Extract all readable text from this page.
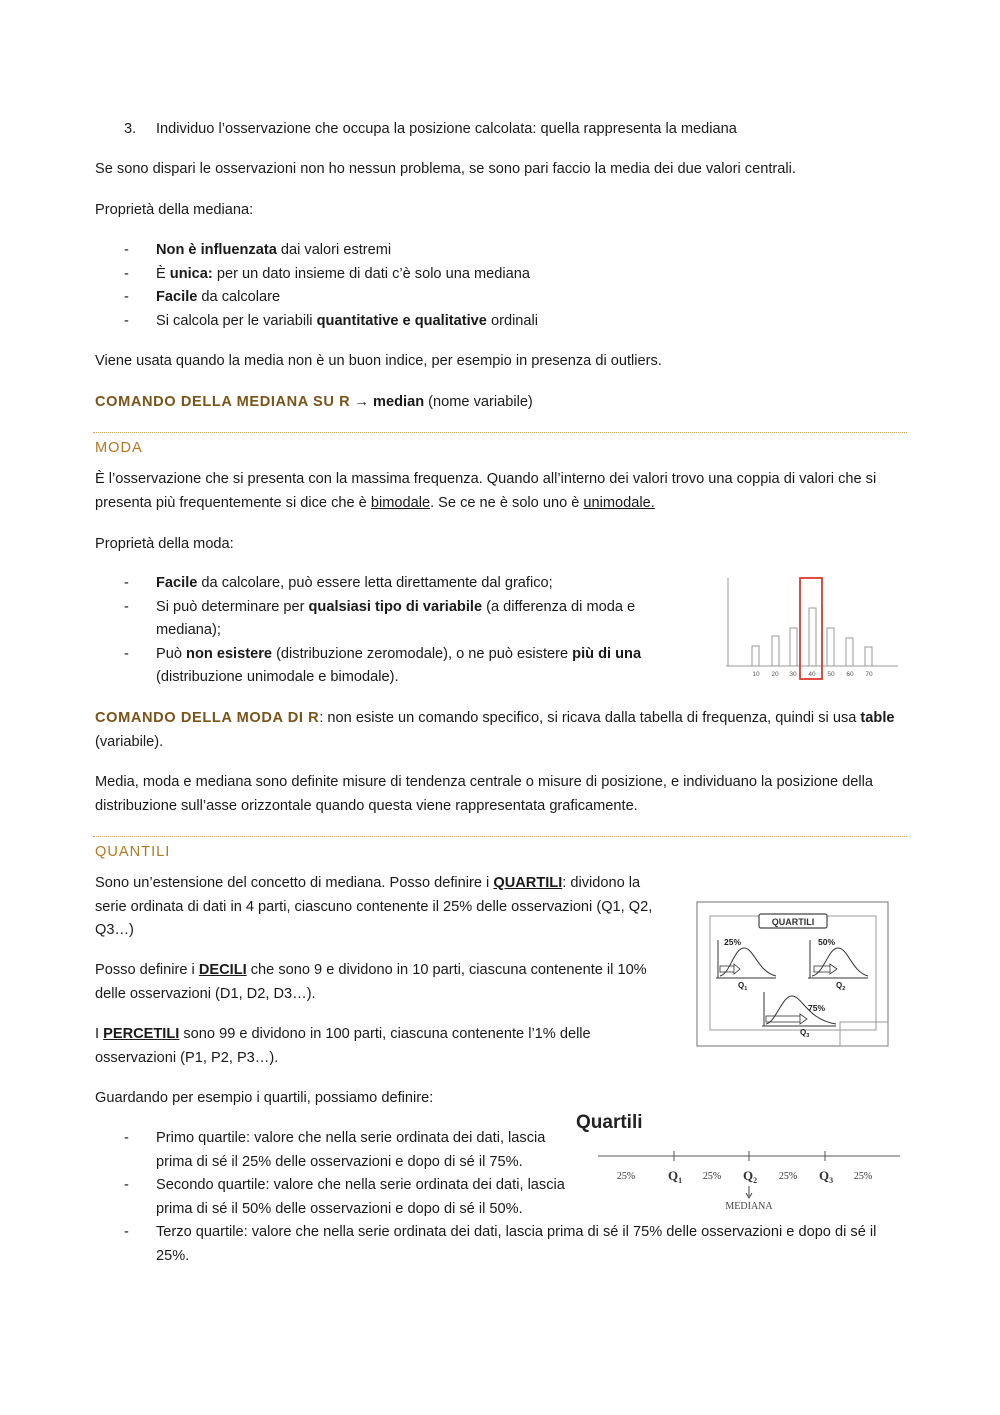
3. Individuo l’osservazione che occupa la posizione calcolata: quella rappresenta la mediana

Se sono dispari le osservazioni non ho nessun problema, se sono pari faccio la media dei due valori centrali.

Proprietà della mediana:

- Non è influenzata dai valori estremi
- È unica: per un dato insieme di dati c’è solo una mediana
- Facile da calcolare
- Si calcola per le variabili quantitative e qualitative ordinali

Viene usata quando la media non è un buon indice, per esempio in presenza di outliers.

COMANDO DELLA MEDIANA SU R → median (nome variabile)

MODA

È l’osservazione che si presenta con la massima frequenza. Quando all’interno dei valori trovo una coppia di valori che si presenta più frequentemente si dice che è bimodale. Se ce ne è solo uno è unimodale.

Proprietà della moda:

- Facile da calcolare, può essere letta direttamente dal grafico;
- Si può determinare per qualsiasi tipo di variabile (a differenza di moda e mediana);
- Può non esistere (distribuzione zeromodale), o ne può esistere più di una (distribuzione unimodale e bimodale).	10 20 30 40 50 60 70

COMANDO DELLA MODA DI R: non esiste un comando specifico, si ricava dalla tabella di frequenza, quindi si usa table (variabile).

Media, moda e mediana sono definite misure di tendenza centrale o misure di posizione, e individuano la posizione della distribuzione sull’asse orizzontale quando questa viene rappresentata graficamente.

QUANTILI

Sono un’estensione del concetto di mediana. Posso definire i QUARTILI: dividono la serie ordinata di dati in 4 parti, ciascuno contenente il 25% delle osservazioni (Q1, Q2, Q3…)

Posso definire i DECILI che sono 9 e dividono in 10 parti, ciascuna contenente il 10% delle osservazioni (D1, D2, D3…).

I PERCETILI sono 99 e dividono in 100 parti, ciascuna contenente l’1% delle osservazioni (P1, P2, P3…).

QUARTILI
25%
$Q_1$
50%
$Q_2$
75%
$Q_3$

Guardando per esempio i quartili, possiamo definire:

Quartili
25%	25%	25%	25%
$Q_1$	$Q_2$	$Q_3$
MEDIANA
- Primo quartile: valore che nella serie ordinata dei dati, lascia prima di sé il 25% delle osservazioni e dopo di sé il 75%.
- Secondo quartile: valore che nella serie ordinata dei dati, lascia prima di sé il 50% delle osservazioni e dopo di sé il 50%.
- Terzo quartile: valore che nella serie ordinata dei dati, lascia prima di sé il 75% delle osservazioni e dopo di sé il 25%.
